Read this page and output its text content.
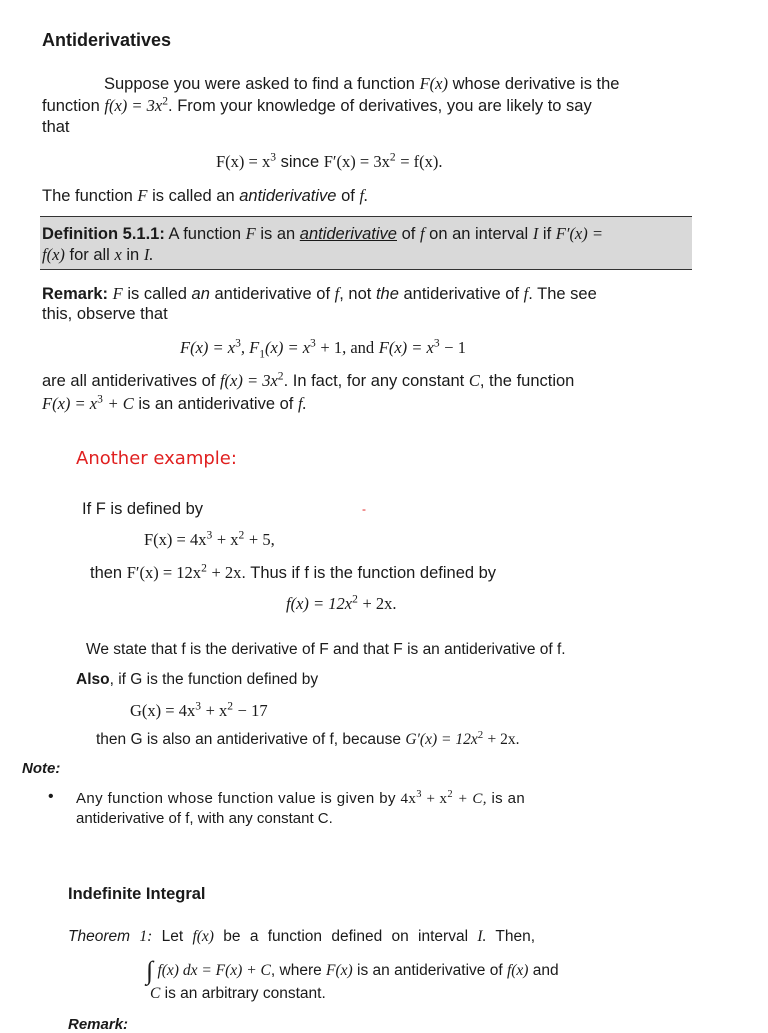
Antiderivatives
Suppose you were asked to find a function F(x) whose derivative is the
function $f(x) = 3x^2$. From your knowledge of derivatives, you are likely to say
that
$F(x) = x^3$ since $F'(x) = 3x^2 = f(x)$.
The function F is called an antiderivative of f.
Definition 5.1.1: A function F is an antiderivative of f on an interval I if F′(x) =
f(x) for all x in I.
Remark: F is called an antiderivative of f, not the antiderivative of f. The see
this, observe that
$F(x) = x^3$, $F_1(x) = x^3 + 1$, and $F(x) = x^3 - 1$
are all antiderivatives of $f(x) = 3x^2$. In fact, for any constant C, the function
$F(x) = x^3 + C$ is an antiderivative of f.
Another example:
-
If F is defined by
$F(x) = 4x^3 + x^2 + 5$,
then $F'(x) = 12x^2 + 2x$. Thus if f is the function defined by
$f(x) = 12x^2 + 2x$.
We state that f is the derivative of F and that F is an antiderivative of f.
Also, if G is the function defined by
$G(x) = 4x^3 + x^2 - 17$
then G is also an antiderivative of f, because $G'(x) = 12x^2 + 2x$.
Note:
• Any function whose function value is given by $4x^3 + x^2 + C$, is an
antiderivative of f, with any constant C.
Indefinite Integral
Theorem 1: Let f(x) be a function defined on interval I. Then,
∫ f(x) dx = F(x) + C, where F(x) is an antiderivative of f(x) and
C is an arbitrary constant.
Remark:
